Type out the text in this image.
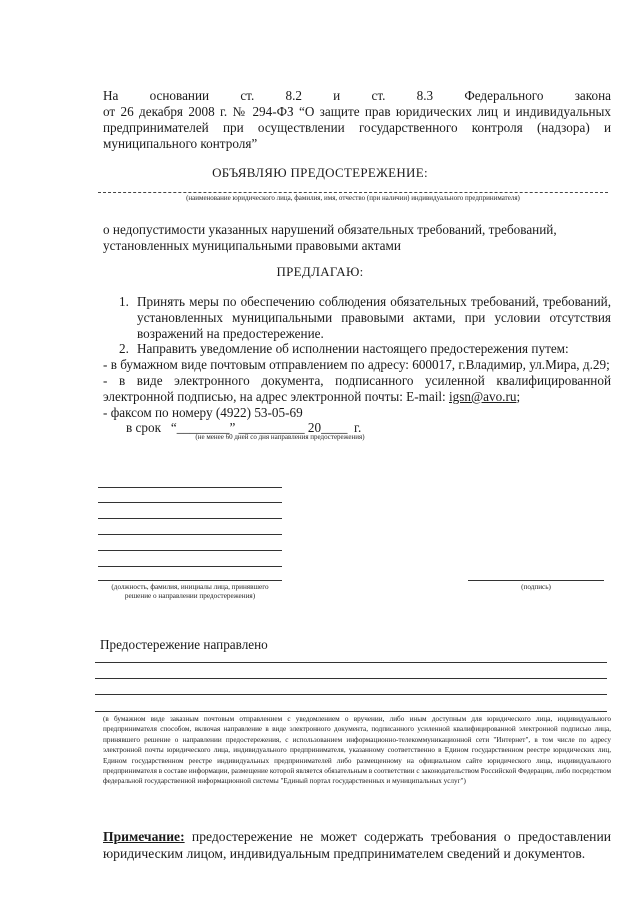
На основании ст. 8.2 и ст. 8.3 Федерального закона
от 26 декабря 2008 г. № 294-ФЗ “О защите прав юридических лиц и индивидуальных
предпринимателей при осуществлении государственного контроля (надзора) и
муниципального контроля”
ОБЪЯВЛЯЮ ПРЕДОСТЕРЕЖЕНИЕ:
(наименование юридического лица, фамилия, имя, отчество (при наличии) индивидуального предпринимателя)
о недопустимости указанных нарушений обязательных требований, требований,
установленных муниципальными правовыми актами
ПРЕДЛАГАЮ:
1. Принять меры по обеспечению соблюдения обязательных требований, требований, установленных муниципальными правовыми актами, при условии отсутствия возражений на предостережение.
2. Направить уведомление об исполнении настоящего предостережения путем:
- в бумажном виде почтовым отправлением по адресу: 600017, г.Владимир, ул.Мира, д.29;
- в виде электронного документа, подписанного усиленной квалифицированной
электронной подписью, на адрес электронной почты: E-mail: igsn@avo.ru;
- факсом по номеру (4922) 53-05-69
в срок “________” __________ 20____ г.
(не менее 60 дней со дня направления предостережения)
(должность, фамилия, инициалы лица, принявшего решение о направлении предостережения)
(подпись)
Предостережение направлено
(в бумажном виде заказным почтовым отправлением с уведомлением о вручении, либо иным доступным для юридического лица, индивидуального предпринимателя способом, включая направление в виде электронного документа, подписанного усиленной квалифицированной электронной подписью лица, принявшего решение о направлении предостережения, с использованием информационно-телекоммуникационной сети "Интернет", в том числе по адресу электронной почты юридического лица, индивидуального предпринимателя, указанному соответственно в Едином государственном реестре юридических лиц, Едином государственном реестре индивидуальных предпринимателей либо размещенному на официальном сайте юридического лица, индивидуального предпринимателя в составе информации, размещение которой является обязательным в соответствии с законодательством Российской Федерации, либо посредством федеральной государственной информационной системы "Единый портал государственных и муниципальных услуг")
Примечание: предостережение не может содержать требования о предоставлении юридическим лицом, индивидуальным предпринимателем сведений и документов.
